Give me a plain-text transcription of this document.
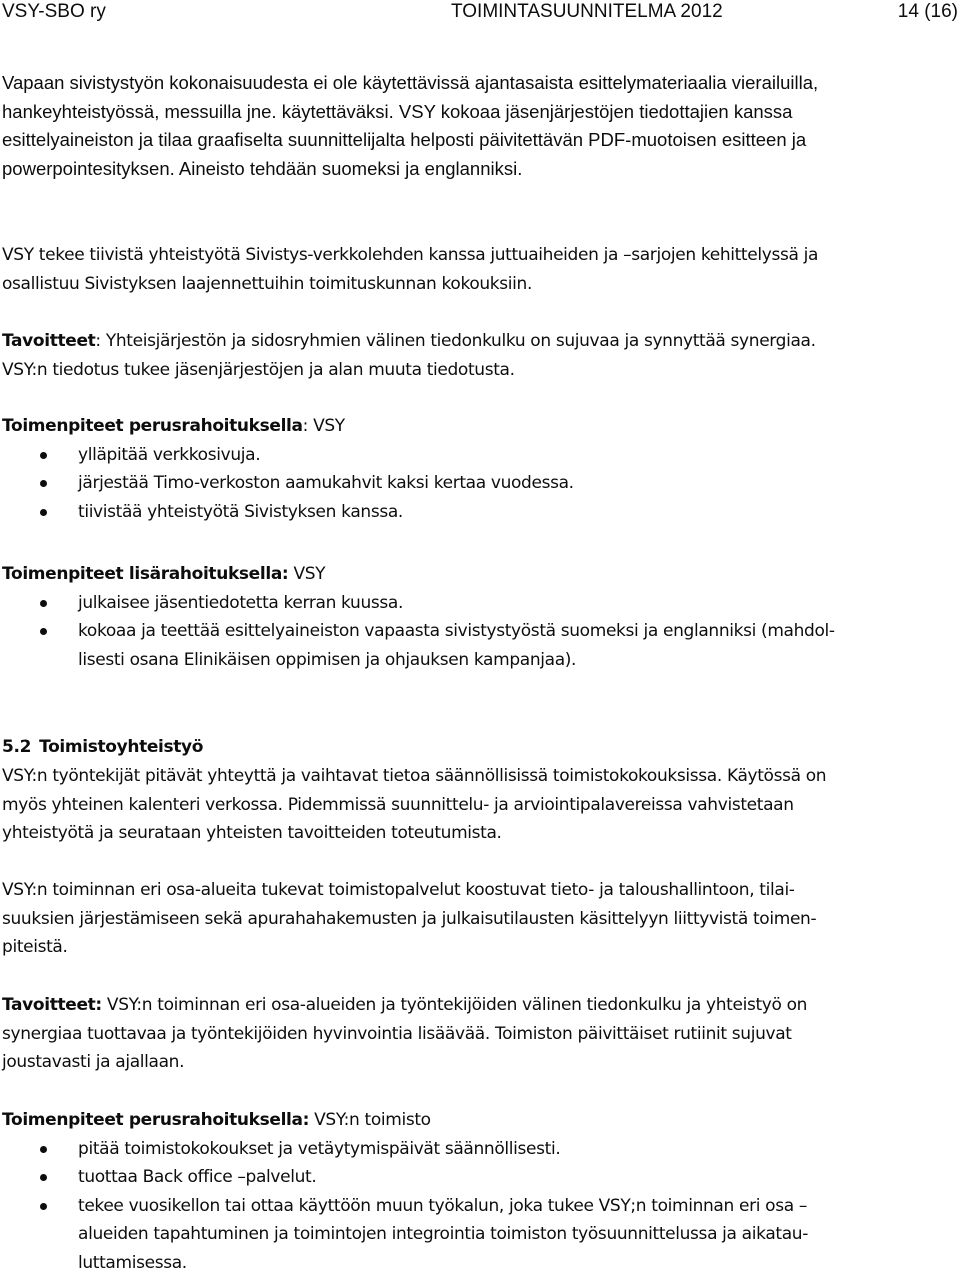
VSY-SBO ry	TOIMINTASUUNNITELMA 2012	14 (16)
Vapaan sivistystyön kokonaisuudesta ei ole käytettävissä ajantasaista esittelymateriaalia vierailuilla,
hankeyhteistyössä, messuilla jne. käytettäväksi. VSY kokoaa jäsenjärjestöjen tiedottajien kanssa
esittelyaineiston ja tilaa graafiselta suunnittelijalta helposti päivitettävän PDF-muotoisen esitteen ja
powerpointesityksen. Aineisto tehdään suomeksi ja englanniksi.
VSY tekee tiivistä yhteistyötä Sivistys-verkkolehden kanssa juttuaiheiden ja –sarjojen kehittelyssä ja
osallistuu Sivistyksen laajennettuihin toimituskunnan kokouksiin.
Tavoitteet: Yhteisjärjestön ja sidosryhmien välinen tiedonkulku on sujuvaa ja synnyttää synergiaa.
VSY:n tiedotus tukee jäsenjärjestöjen ja alan muuta tiedotusta.
Toimenpiteet perusrahoituksella: VSY
ylläpitää verkkosivuja.
järjestää Timo-verkoston aamukahvit kaksi kertaa vuodessa.
tiivistää yhteistyötä Sivistyksen kanssa.
Toimenpiteet lisärahoituksella: VSY
julkaisee jäsentiedotetta kerran kuussa.
kokoaa ja teettää esittelyaineiston vapaasta sivistystyöstä suomeksi ja englanniksi (mahdol-
lisesti osana Elinikäisen oppimisen ja ohjauksen kampanjaa).
5.2 Toimistoyhteistyö
VSY:n työntekijät pitävät yhteyttä ja vaihtavat tietoa säännöllisissä toimistokokouksissa. Käytössä on
myös yhteinen kalenteri verkossa. Pidemmissä suunnittelu- ja arviointipalavereissa vahvistetaan
yhteistyötä ja seurataan yhteisten tavoitteiden toteutumista.
VSY:n toiminnan eri osa-alueita tukevat toimistopalvelut koostuvat tieto- ja taloushallintoon, tilai-
suuksien järjestämiseen sekä apurahahakemusten ja julkaisutilausten käsittelyyn liittyvistä toimen-
piteistä.
Tavoitteet: VSY:n toiminnan eri osa-alueiden ja työntekijöiden välinen tiedonkulku ja yhteistyö on
synergiaa tuottavaa ja työntekijöiden hyvinvointia lisäävää. Toimiston päivittäiset rutiinit sujuvat
joustavasti ja ajallaan.
Toimenpiteet perusrahoituksella: VSY:n toimisto
pitää toimistokokoukset ja vetäytymispäivät säännöllisesti.
tuottaa Back office –palvelut.
tekee vuosikellon tai ottaa käyttöön muun työkalun, joka tukee VSY;n toiminnan eri osa –
alueiden tapahtuminen ja toimintojen integrointia toimiston työsuunnittelussa ja aikatau-
luttamisessa.
